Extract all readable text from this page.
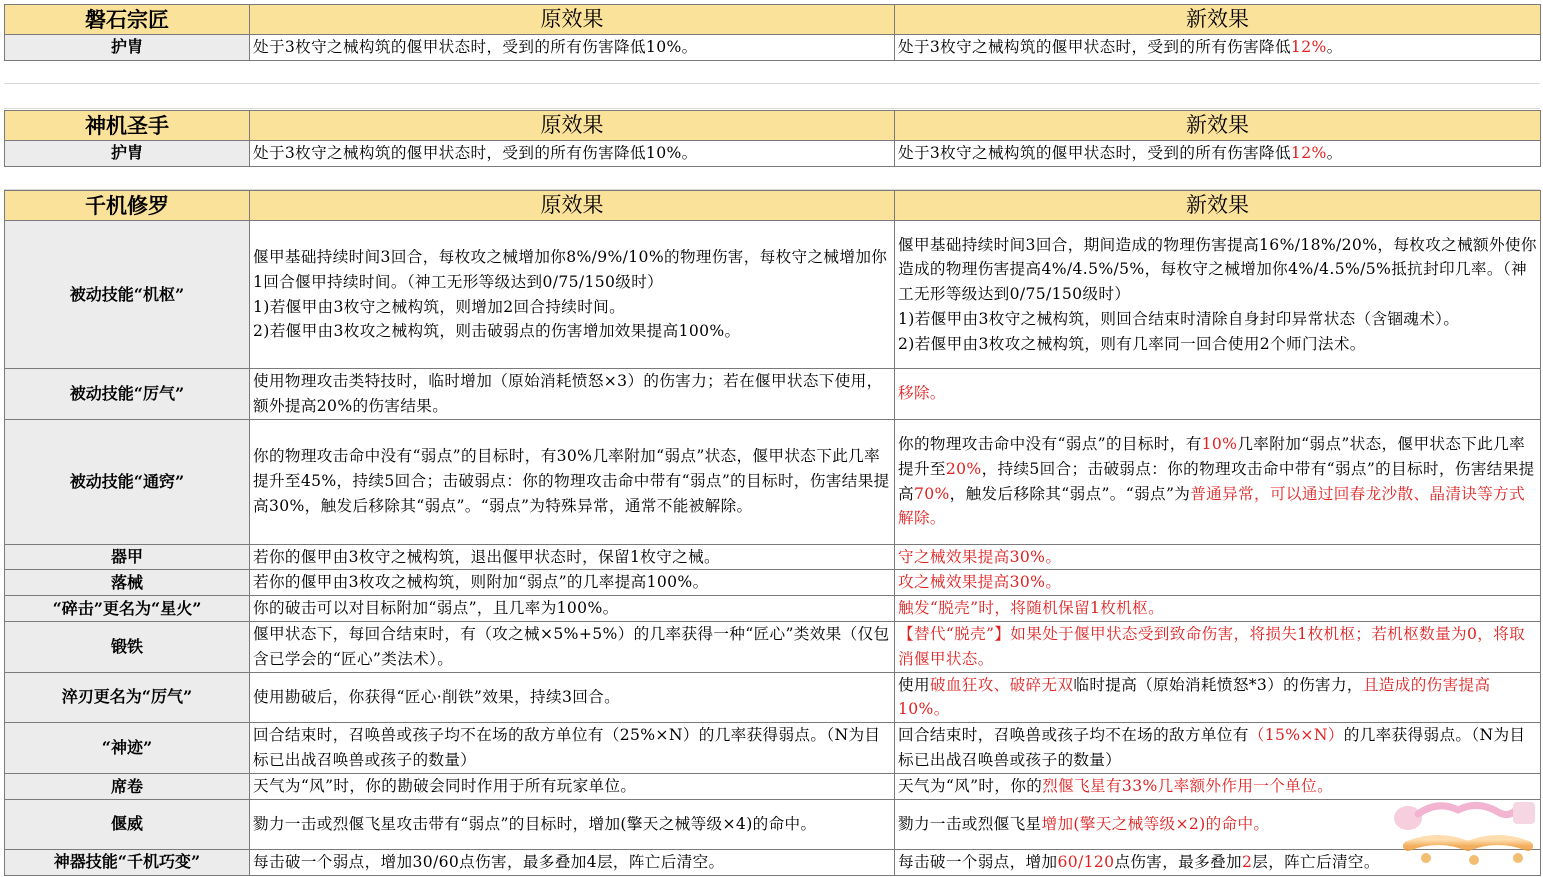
磐石宗匠	原效果	新效果
护胄	处于3枚守之械构筑的偃甲状态时，受到的所有伤害降低10%。	处于3枚守之械构筑的偃甲状态时，受到的所有伤害降低12%。
神机圣手	原效果	新效果
护胄	处于3枚守之械构筑的偃甲状态时，受到的所有伤害降低10%。	处于3枚守之械构筑的偃甲状态时，受到的所有伤害降低12%。
千机修罗	原效果	新效果
被动技能“机枢”	偃甲基础持续时间3回合，每枚攻之械增加你8%/9%/10%的物理伤害，每枚守之械增加你1回合偃甲持续时间。（神工无形等级达到0/75/150级时）
1)若偃甲由3枚守之械构筑，则增加2回合持续时间。
2)若偃甲由3枚攻之械构筑，则击破弱点的伤害增加效果提高100%。	偃甲基础持续时间3回合，期间造成的物理伤害提高16%/18%/20%，每枚攻之械额外使你造成的物理伤害提高4%/4.5%/5%，每枚守之械增加你4%/4.5%/5%抵抗封印几率。（神工无形等级达到0/75/150级时）
1)若偃甲由3枚守之械构筑，则回合结束时清除自身封印异常状态（含锢魂术）。
2)若偃甲由3枚攻之械构筑，则有几率同一回合使用2个师门法术。
被动技能“厉气”	使用物理攻击类特技时，临时增加（原始消耗愤怒×3）的伤害力；若在偃甲状态下使用，额外提高20%的伤害结果。	移除。
被动技能“通窍”	你的物理攻击命中没有“弱点”的目标时，有30%几率附加“弱点”状态，偃甲状态下此几率提升至45%，持续5回合；击破弱点：你的物理攻击命中带有“弱点”的目标时，伤害结果提高30%，触发后移除其“弱点”。“弱点”为特殊异常，通常不能被解除。	你的物理攻击命中没有“弱点”的目标时，有10%几率附加“弱点”状态，偃甲状态下此几率提升至20%，持续5回合；击破弱点：你的物理攻击命中带有“弱点”的目标时，伤害结果提高70%，触发后移除其“弱点”。“弱点”为普通异常，可以通过回春龙沙散、晶清诀等方式解除。
器甲	若你的偃甲由3枚守之械构筑，退出偃甲状态时，保留1枚守之械。	守之械效果提高30%。
落械	若你的偃甲由3枚攻之械构筑，则附加“弱点”的几率提高100%。	攻之械效果提高30%。
“碎击”更名为“星火”	你的破击可以对目标附加“弱点”，且几率为100%。	触发“脱壳”时，将随机保留1枚机枢。
锻铁	偃甲状态下，每回合结束时，有（攻之械×5%+5%）的几率获得一种“匠心”类效果（仅包含已学会的“匠心”类法术）。	【替代“脱壳”】如果处于偃甲状态受到致命伤害，将损失1枚机枢；若机枢数量为0，将取消偃甲状态。
淬刃更名为“厉气”	使用勘破后，你获得“匠心·削铁”效果，持续3回合。	使用破血狂攻、破碎无双临时提高（原始消耗愤怒*3）的伤害力，且造成的伤害提高10%。
“神迹”	回合结束时，召唤兽或孩子均不在场的敌方单位有（25%×N）的几率获得弱点。（N为目标已出战召唤兽或孩子的数量）	回合结束时，召唤兽或孩子均不在场的敌方单位有（15%×N）的几率获得弱点。（N为目标已出战召唤兽或孩子的数量）
席卷	天气为“风”时，你的勘破会同时作用于所有玩家单位。	天气为“风”时，你的烈偃飞星有33%几率额外作用一个单位。
偃威	勠力一击或烈偃飞星攻击带有“弱点”的目标时，增加(擎天之械等级×4)的命中。	勠力一击或烈偃飞星增加(擎天之械等级×2)的命中。
神器技能“千机巧变”	每击破一个弱点，增加30/60点伤害，最多叠加4层，阵亡后清空。	每击破一个弱点，增加60/120点伤害，最多叠加2层，阵亡后清空。
